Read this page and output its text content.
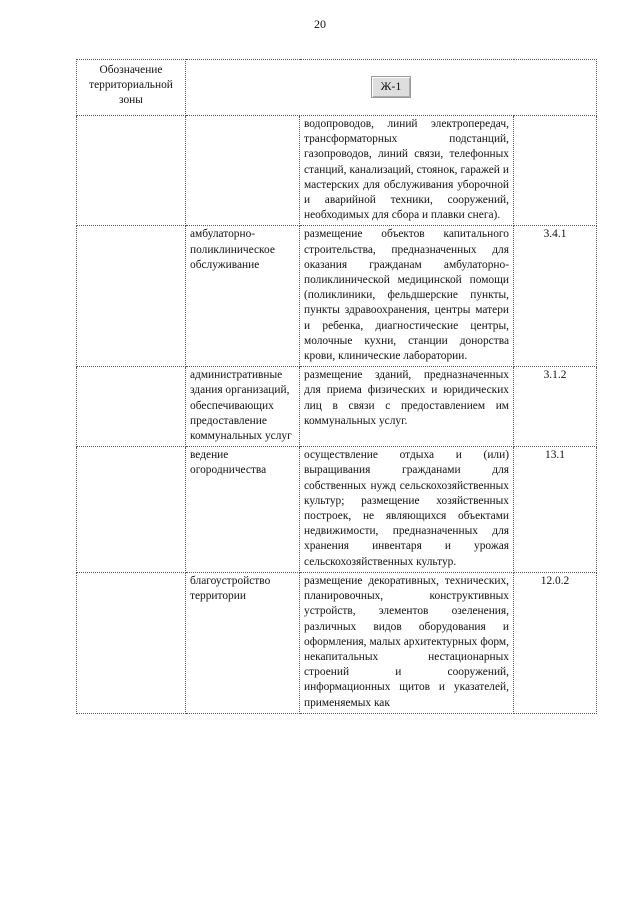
20
Обозначение территориальной зоны	Ж-1		
		водопроводов, линий электропередач, трансформаторных подстанций, газопроводов, линий связи, телефонных станций, канализаций, стоянок, гаражей и мастерских для обслуживания уборочной и аварийной техники, сооружений, необходимых для сбора и плавки снега).	
	амбулаторно-поликлиническое обслуживание	размещение объектов капитального строительства, предназначенных для оказания гражданам амбулаторно-поликлинической медицинской помощи (поликлиники, фельдшерские пункты, пункты здравоохранения, центры матери и ребенка, диагностические центры, молочные кухни, станции донорства крови, клинические лаборатории.	3.4.1
	административные здания организаций, обеспечивающих предоставление коммунальных услуг	размещение зданий, предназначенных для приема физических и юридических лиц в связи с предоставлением им коммунальных услуг.	3.1.2
	ведение огородничества	осуществление отдыха и (или) выращивания гражданами для собственных нужд сельскохозяйственных культур; размещение хозяйственных построек, не являющихся объектами недвижимости, предназначенных для хранения инвентаря и урожая сельскохозяйственных культур.	13.1
	благоустройство территории	размещение декоративных, технических, планировочных, конструктивных устройств, элементов озеленения, различных видов оборудования и оформления, малых архитектурных форм, некапитальных нестационарных строений и сооружений, информационных щитов и указателей, применяемых как	12.0.2
